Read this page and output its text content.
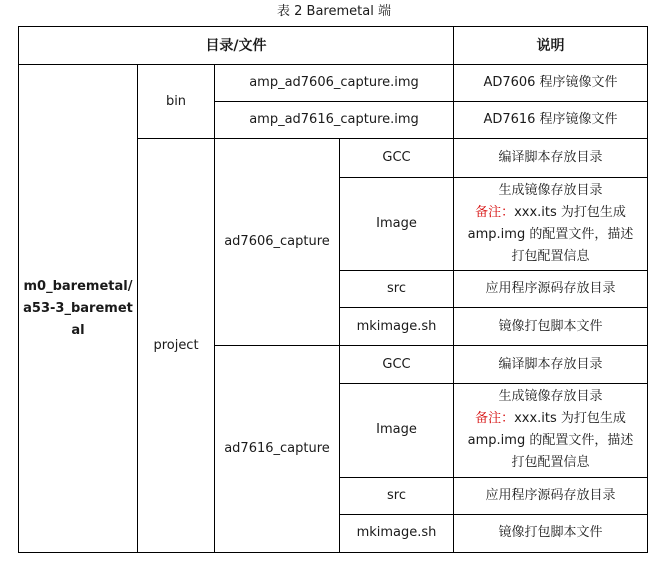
表 2 Baremetal 端
目录/文件				说明

m0_baremetal/
a53-3_baremet
al	bin	amp_ad7606_capture.img		AD7606 程序镜像文件
		amp_ad7616_capture.img		AD7616 程序镜像文件
	project	ad7606_capture	GCC	编译脚本存放目录
			Image	生成镜像存放目录
备注：xxx.its 为打包生成
amp.img 的配置文件，描述
打包配置信息

			src	应用程序源码存放目录
			mkimage.sh	镜像打包脚本文件
		ad7616_capture	GCC	编译脚本存放目录
			Image	生成镜像存放目录
备注：xxx.its 为打包生成
amp.img 的配置文件，描述
打包配置信息

			src	应用程序源码存放目录
			mkimage.sh	镜像打包脚本文件
